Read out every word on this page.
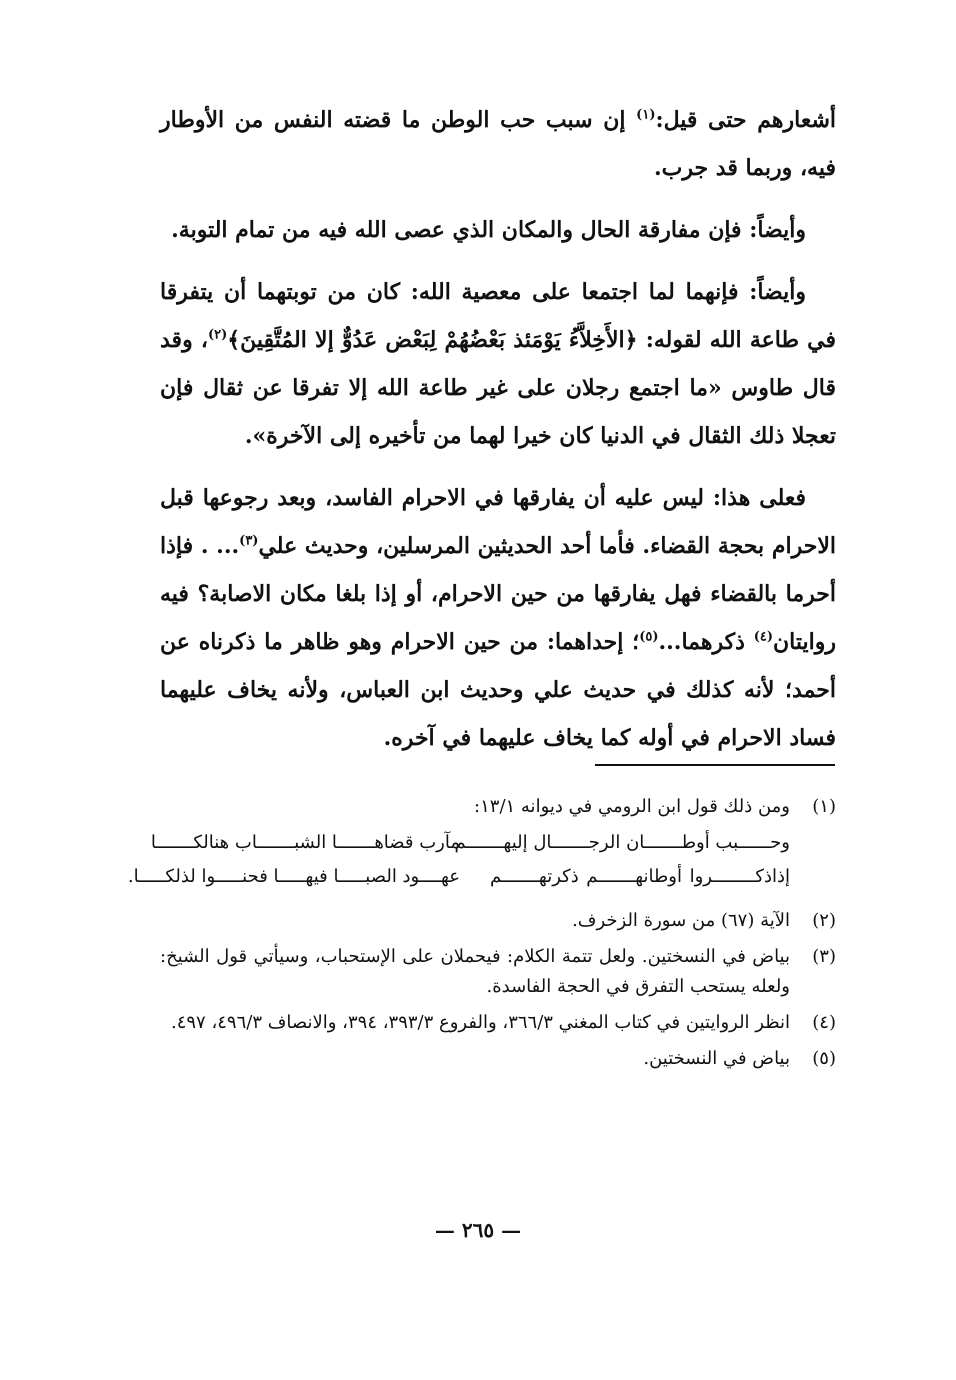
أشعارهم حتى قيل:$^{(١)}$ إن سبب حب الوطن ما قضته النفس من الأوطار فيه، وربما قد جرب.

وأيضاً: فإن مفارقة الحال والمكان الذي عصى الله فيه من تمام التوبة.

وأيضاً: فإنهما لما اجتمعا على معصية الله: كان من توبتهما أن يتفرقا في طاعة الله لقوله: ﴿الأَخِلاَّءُ يَوْمَئذ بَعْضُهُمْ لِبَعْض عَدُوٌّ إلا المُتَّقِينَ﴾$^{(٢)}$، وقد قال طاوس «ما اجتمع رجلان على غير طاعة الله إلا تفرقا عن ثقال فإن تعجلا ذلك الثقال في الدنيا كان خيرا لهما من تأخيره إلى الآخرة».

فعلى هذا: ليس عليه أن يفارقها في الاحرام الفاسد، وبعد رجوعها قبل الاحرام بحجة القضاء. فأما أحد الحديثين المرسلين، وحديث علي$^{(٣)}$... . فإذا أحرما بالقضاء فهل يفارقها من حين الاحرام، أو إذا بلغا مكان الاصابة؟ فيه روايتان$^{(٤)}$ ذكرهما...$^{(٥)}$؛ إحداهما: من حين الاحرام وهو ظاهر ما ذكرناه عن أحمد؛ لأنه كذلك في حديث علي وحديث ابن العباس، ولأنه يخاف عليهما فساد الاحرام في أوله كما يخاف عليهما في آخره.

(١)
ومن ذلك قول ابن الرومي في ديوانه ١٣/١:
وحــــــبب أوطـــــــان الرجـــــــال إليهـــــــم
مآرب قضاهـــــــا الشبـــــــاب هنالكـــــــا
إذاذكــــــــروا أوطانهـــــــم ذكرتهـــــــم
عهــــود الصبـــــا فيهـــــا فحنـــــوا لذلكـــــا.
(٢)
الآية (٦٧) من سورة الزخرف.
(٣)
بياض في النسختين. ولعل تتمة الكلام: فيحملان على الإستحباب، وسيأتي قول الشيخ: ولعله يستحب التفرق في الحجة الفاسدة.
(٤)
انظر الروايتين في كتاب المغني ٣٦٦/٣، والفروع ٣٩٣/٣، ٣٩٤، والانصاف ٤٩٦/٣، ٤٩٧.
(٥)
بياض في النسختين.
— ٢٦٥ —
